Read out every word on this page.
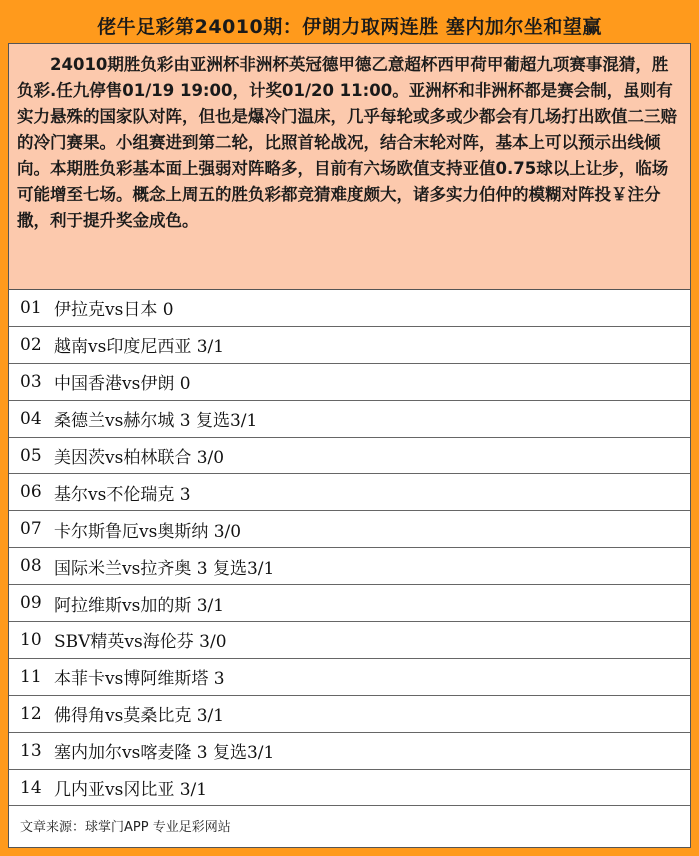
佬牛足彩第24010期：伊朗力取两连胜 塞内加尔坐和望赢
24010期胜负彩由亚洲杯非洲杯英冠德甲德乙意超杯西甲荷甲葡超九项赛事混猜，胜负彩.任九停售01/19 19:00，计奖01/20 11:00。亚洲杯和非洲杯都是赛会制，虽则有实力悬殊的国家队对阵，但也是爆冷门温床，几乎每轮或多或少都会有几场打出欧值二三赔的冷门赛果。小组赛进到第二轮，比照首轮战况，结合末轮对阵，基本上可以预示出线倾向。本期胜负彩基本面上强弱对阵略多，目前有六场欧值支持亚值0.75球以上让步，临场可能增至七场。概念上周五的胜负彩都竞猜难度颇大，诸多实力伯仲的模糊对阵投￥注分撒，利于提升奖金成色。
01 伊拉克vs日本 0
02 越南vs印度尼西亚 3/1
03 中国香港vs伊朗 0
04 桑德兰vs赫尔城 3 复选3/1
05 美因茨vs柏林联合 3/0
06 基尔vs不伦瑞克 3
07 卡尔斯鲁厄vs奥斯纳 3/0
08 国际米兰vs拉齐奥 3 复选3/1
09 阿拉维斯vs加的斯 3/1
10 SBV精英vs海伦芬 3/0
11 本菲卡vs博阿维斯塔 3
12 佛得角vs莫桑比克 3/1
13 塞内加尔vs喀麦隆 3 复选3/1
14 几内亚vs冈比亚 3/1
文章来源：球掌门APP 专业足彩网站
